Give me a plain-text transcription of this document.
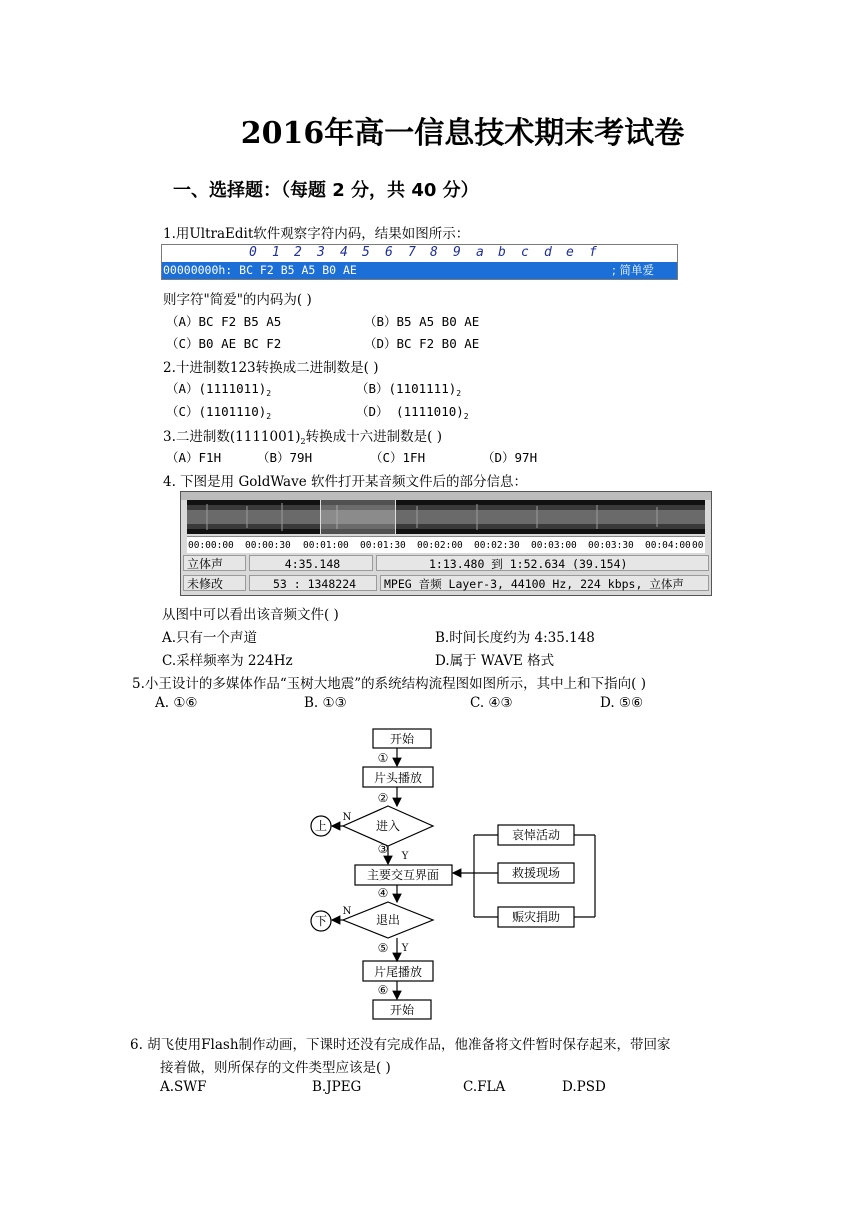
2016年高一信息技术期末考试卷
一、选择题：（每题 2 分，共 40 分）
1.用UltraEdit软件观察字符内码，结果如图所示：
0 1 2 3 4 5 6 7 8 9 a b c d e f
00000000h: BC F2 B5 A5 B0 AE	; 简单爱
则字符"简爱"的内码为( )
（A）BC F2 B5 A5	（B）B5 A5 B0 AE
（C）B0 AE BC F2	（D）BC F2 B0 AE
2.十进制数123转换成二进制数是( )
$(A)(1111011)_2$	$(B)(1101111)_2$
$(C)(1101110)_2$	（D） $(1111010)_2$
3.二进制数$(1111001)_2$转换成十六进制数是( )
（A）F1H	（B）79H	（C）1FH	（D）97H
4. 下图是用 GoldWave 软件打开某音频文件后的部分信息：
00:00:00 00:00:30 00:01:00 00:01:30 00:02:00 00:02:30 00:03:00 00:03:30 00:04:00 00
立体声	4:35.148	1:13.480 到 1:52.634 (39.154)
未修改	53 : 1348224	MPEG 音频 Layer-3, 44100 Hz, 224 kbps, 立体声
从图中可以看出该音频文件( )
A.只有一个声道	B.时间长度约为 4:35.148
C.采样频率为 224Hz	D.属于 WAVE 格式
5.小王设计的多媒体作品“玉树大地震”的系统结构流程图如图所示，其中上和下指向( )
A. ①⑥	B. ①③	C. ④③	D. ⑤⑥
开始
①
片头播放
②
进入
上
N
③
Y
主要交互界面
④
退出
下
N
⑤ Y
片尾播放
⑥
开始
哀悼活动
救援现场
赈灾捐助
6. 胡飞使用Flash制作动画，下课时还没有完成作品，他准备将文件暂时保存起来，带回家
接着做，则所保存的文件类型应该是( )
A.SWF	B.JPEG	C.FLA	D.PSD
